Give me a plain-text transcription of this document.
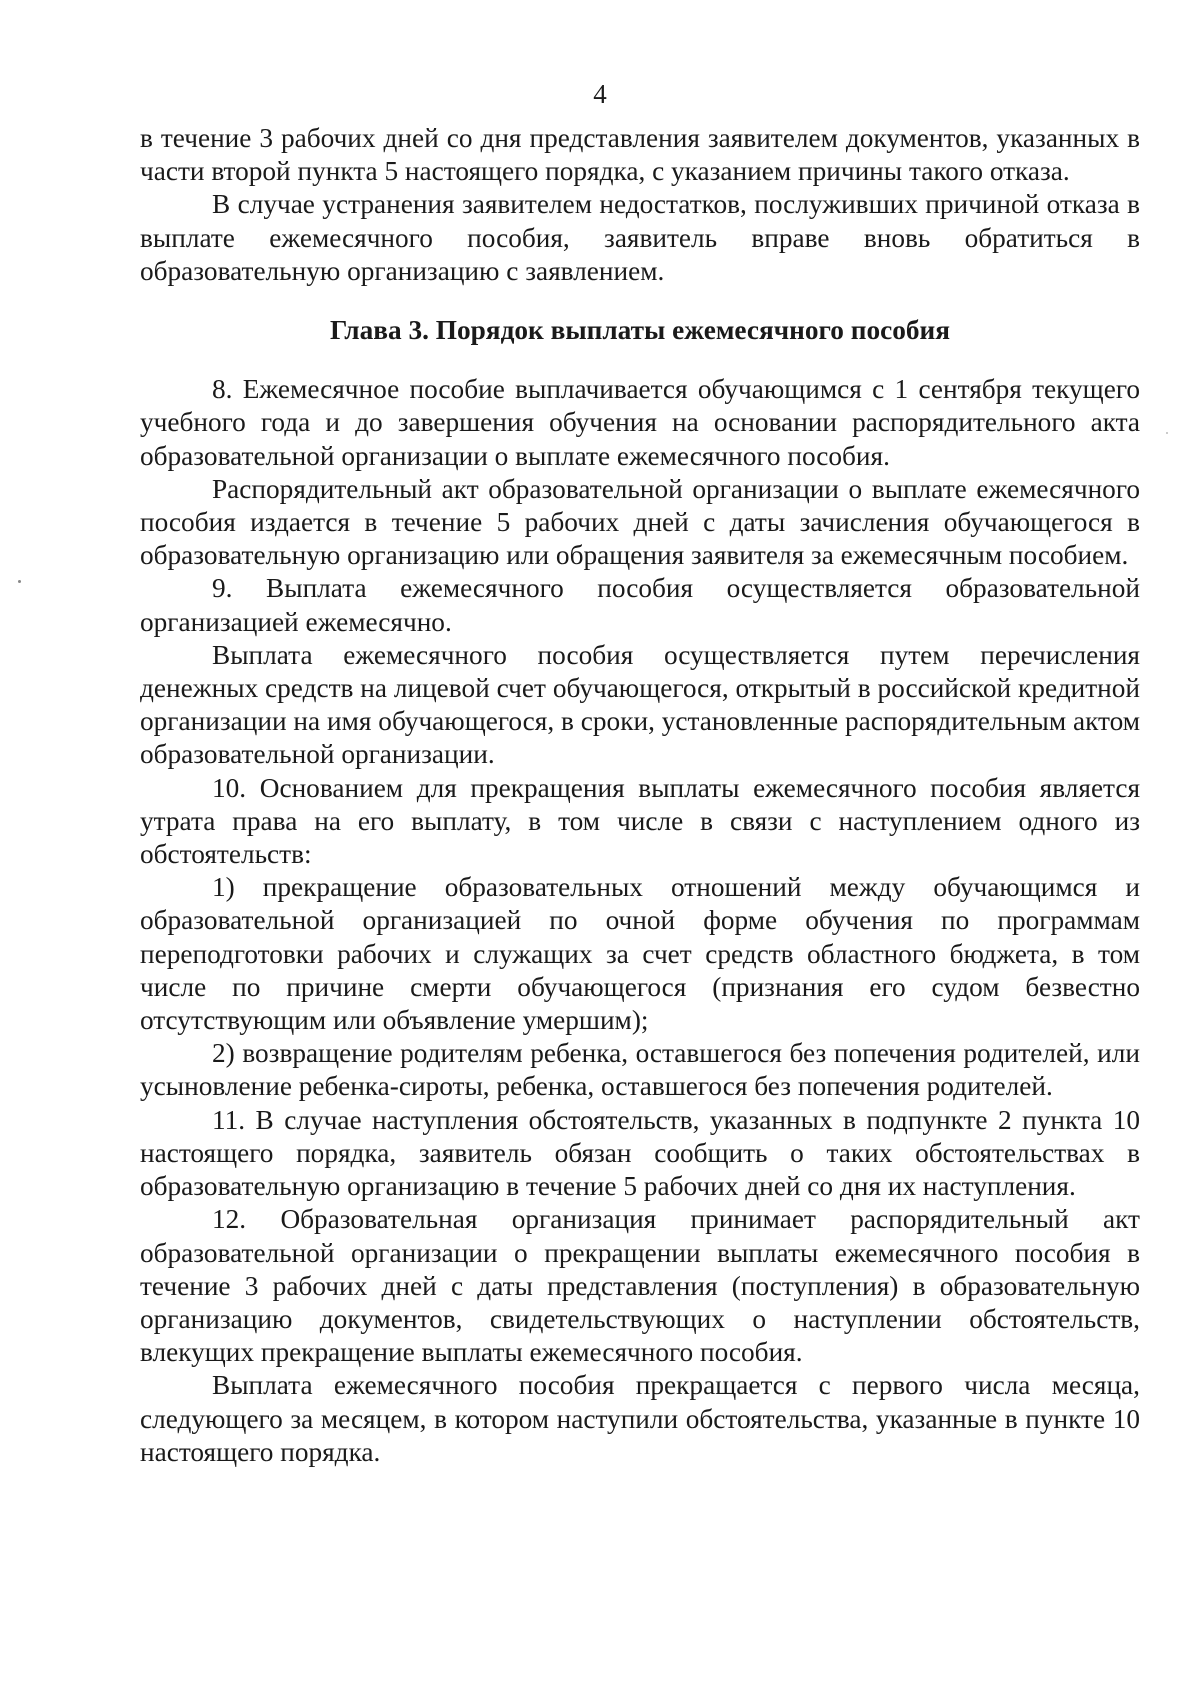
4

в течение 3 рабочих дней со дня представления заявителем документов, указанных в части второй пункта 5 настоящего порядка, с указанием причины такого отказа.

В случае устранения заявителем недостатков, послуживших причиной отказа в выплате ежемесячного пособия, заявитель вправе вновь обратиться в образовательную организацию с заявлением.

Глава 3. Порядок выплаты ежемесячного пособия

8. Ежемесячное пособие выплачивается обучающимся с 1 сентября текущего учебного года и до завершения обучения на основании распорядительного акта образовательной организации о выплате ежемесячного пособия.

Распорядительный акт образовательной организации о выплате ежемесячного пособия издается в течение 5 рабочих дней с даты зачисления обучающегося в образовательную организацию или обращения заявителя за ежемесячным пособием.

9. Выплата ежемесячного пособия осуществляется образовательной организацией ежемесячно.

Выплата ежемесячного пособия осуществляется путем перечисления денежных средств на лицевой счет обучающегося, открытый в российской кредитной организации на имя обучающегося, в сроки, установленные распорядительным актом образовательной организации.

10. Основанием для прекращения выплаты ежемесячного пособия является утрата права на его выплату, в том числе в связи с наступлением одного из обстоятельств:

1) прекращение образовательных отношений между обучающимся и образовательной организацией по очной форме обучения по программам переподготовки рабочих и служащих за счет средств областного бюджета, в том числе по причине смерти обучающегося (признания его судом безвестно отсутствующим или объявление умершим);

2) возвращение родителям ребенка, оставшегося без попечения родителей, или усыновление ребенка-сироты, ребенка, оставшегося без попечения родителей.

11. В случае наступления обстоятельств, указанных в подпункте 2 пункта 10 настоящего порядка, заявитель обязан сообщить о таких обстоятельствах в образовательную организацию в течение 5 рабочих дней со дня их наступления.

12. Образовательная организация принимает распорядительный акт образовательной организации о прекращении выплаты ежемесячного пособия в течение 3 рабочих дней с даты представления (поступления) в образовательную организацию документов, свидетельствующих о наступлении обстоятельств, влекущих прекращение выплаты ежемесячного пособия.

Выплата ежемесячного пособия прекращается с первого числа месяца, следующего за месяцем, в котором наступили обстоятельства, указанные в пункте 10 настоящего порядка.
